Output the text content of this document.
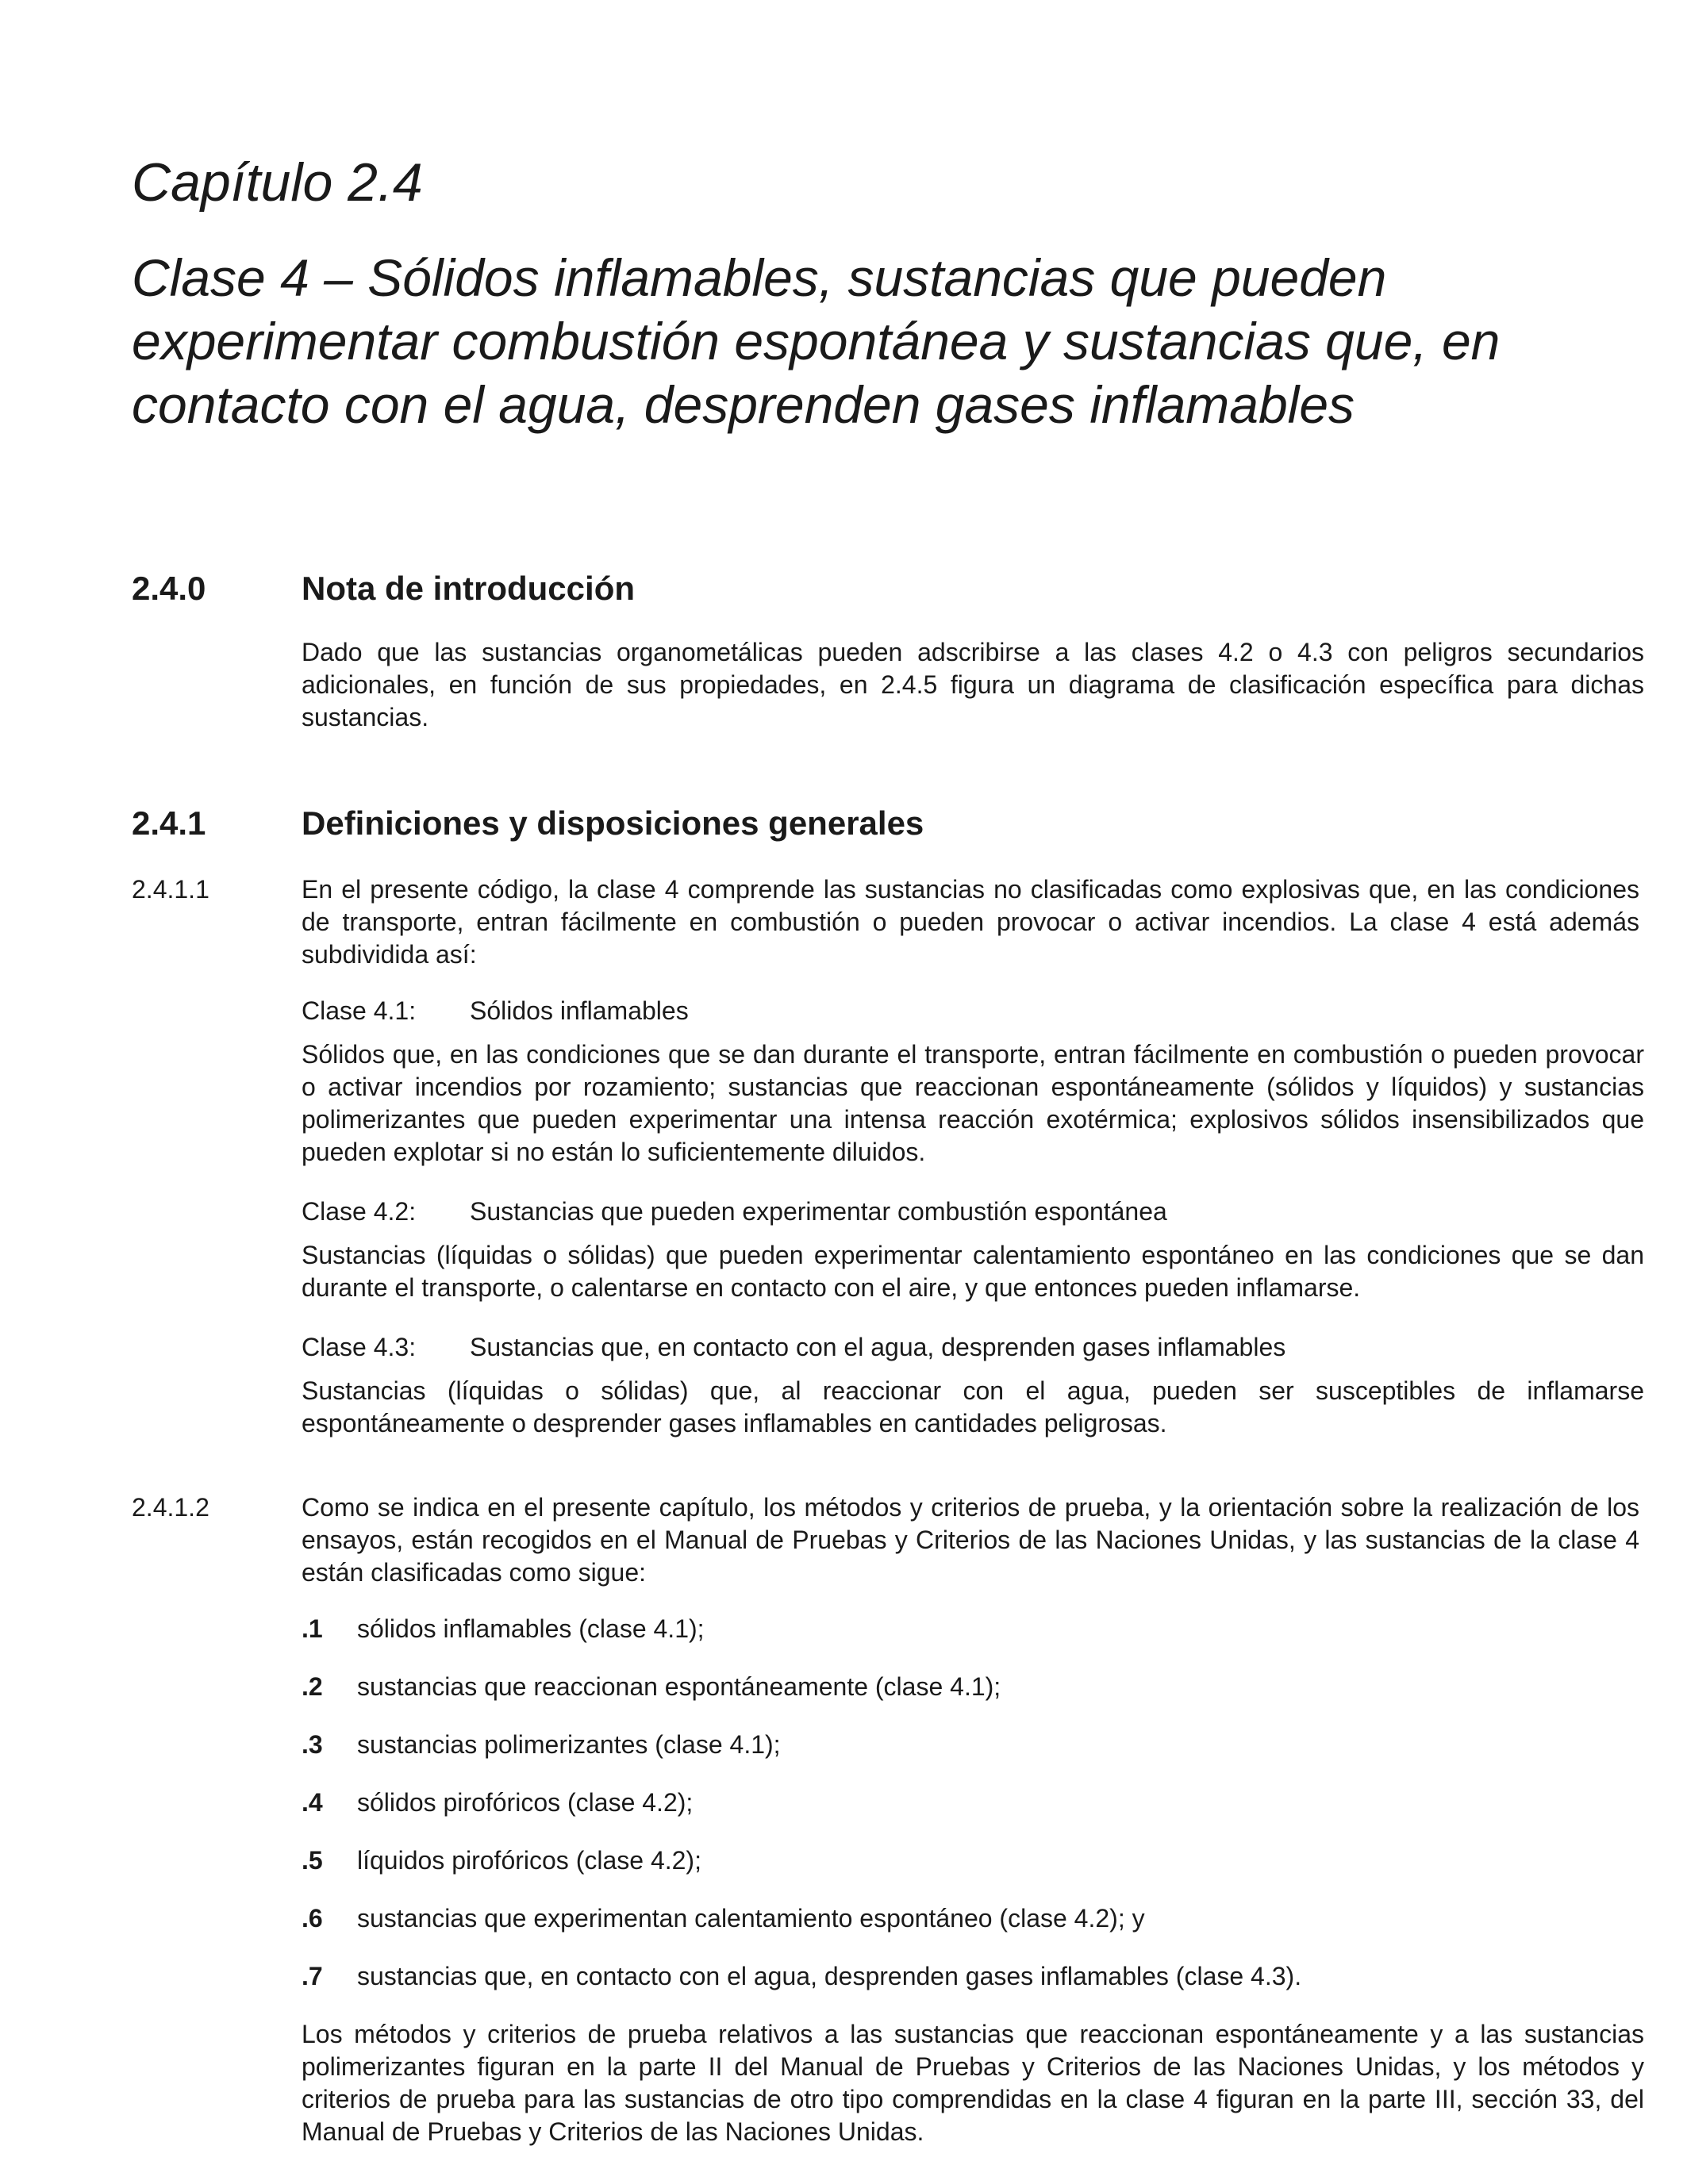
Capítulo 2.4
Clase 4 – Sólidos inflamables, sustancias que pueden experimentar combustión espontánea y sustancias que, en contacto con el agua, desprenden gases inflamables
2.4.0	Nota de introducción

Dado que las sustancias organometálicas pueden adscribirse a las clases 4.2 o 4.3 con peligros secundarios adicionales, en función de sus propiedades, en 2.4.5 figura un diagrama de clasificación específica para dichas sustancias.

2.4.1	Definiciones y disposiciones generales
2.4.1.1	En el presente código, la clase 4 comprende las sustancias no clasificadas como explosivas que, en las condiciones de transporte, entran fácilmente en combustión o pueden provocar o activar incendios. La clase 4 está además subdividida así:

Clase 4.1:	Sólidos inflamables

Sólidos que, en las condiciones que se dan durante el transporte, entran fácilmente en combustión o pueden provocar o activar incendios por rozamiento; sustancias que reaccionan espontáneamente (sólidos y líquidos) y sustancias polimerizantes que pueden experimentar una intensa reacción exotérmica; explosivos sólidos insensibilizados que pueden explotar si no están lo suficientemente diluidos.

Clase 4.2:	Sustancias que pueden experimentar combustión espontánea

Sustancias (líquidas o sólidas) que pueden experimentar calentamiento espontáneo en las condiciones que se dan durante el transporte, o calentarse en contacto con el aire, y que entonces pueden inflamarse.

Clase 4.3:	Sustancias que, en contacto con el agua, desprenden gases inflamables

Sustancias (líquidas o sólidas) que, al reaccionar con el agua, pueden ser susceptibles de inflamarse espontáneamente o desprender gases inflamables en cantidades peligrosas.

2.4.1.2	Como se indica en el presente capítulo, los métodos y criterios de prueba, y la orientación sobre la realización de los ensayos, están recogidos en el Manual de Pruebas y Criterios de las Naciones Unidas, y las sustancias de la clase 4 están clasificadas como sigue:

.1	sólidos inflamables (clase 4.1);
.2	sustancias que reaccionan espontáneamente (clase 4.1);
.3	sustancias polimerizantes (clase 4.1);
.4	sólidos pirofóricos (clase 4.2);
.5	líquidos pirofóricos (clase 4.2);
.6	sustancias que experimentan calentamiento espontáneo (clase 4.2); y
.7	sustancias que, en contacto con el agua, desprenden gases inflamables (clase 4.3).

Los métodos y criterios de prueba relativos a las sustancias que reaccionan espontáneamente y a las sustancias polimerizantes figuran en la parte II del Manual de Pruebas y Criterios de las Naciones Unidas, y los métodos y criterios de prueba para las sustancias de otro tipo comprendidas en la clase 4 figuran en la parte III, sección 33, del Manual de Pruebas y Criterios de las Naciones Unidas.
